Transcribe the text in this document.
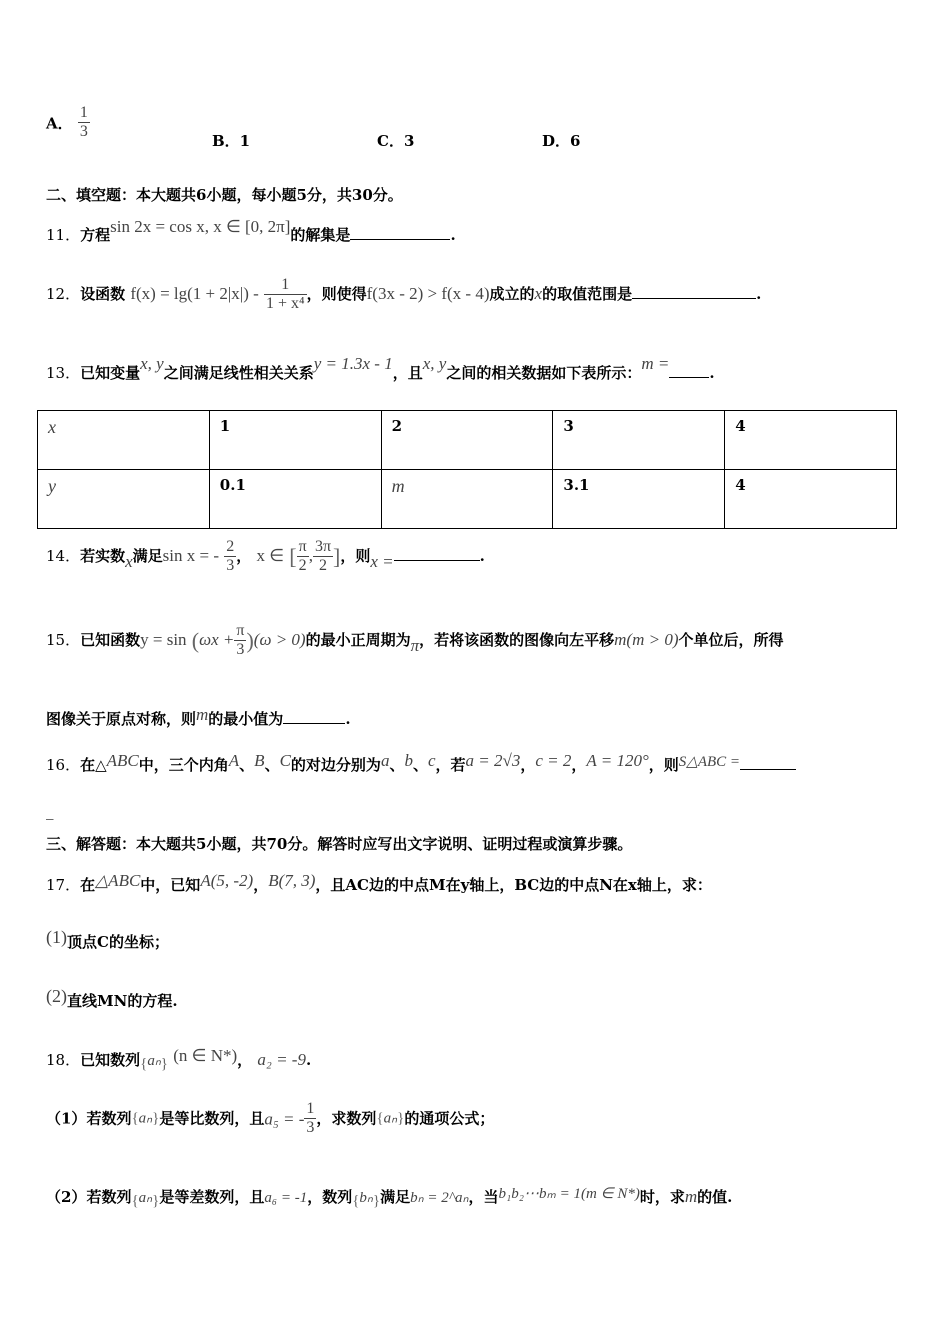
A． $\frac{1}{3}$	B．1	C．3	D．6
二、填空题：本大题共6小题，每小题5分，共30分。
11．方程sin 2x = cos x, x ∈ [0, 2π]的解集是	.
12．设函数 $f(x) = \lg(1 + 2|x|) - \frac{1}{\text{1 + x⁴}}$ ，则使得f(3x - 2) > f(x - 4)成立的x的取值范围是	.
13．已知变量x, y之间满足线性相关关系y = 1.3x - 1，且x, y之间的相关数据如下表所示：m =	.
x	1	2	3	4
y	0.1	m	3.1	4
14．若实数x满足sin x = - $\frac{2}{3}$ ， x ∈ [ $\frac{\pi}{2}$ , $\frac{3\pi}{2}$ ]，则x =	.
15．已知函数$y = \sin (\omega x + \frac{\pi}{3} )(\omega > 0)$的最小正周期为π，若将该函数的图像向左平移m(m > 0)个单位后，所得
图像关于原点对称，则m的最小值为	.
16．在△ABC中，三个内角A、B、C的对边分别为a、b、c，若a = 2√3，c = 2，A = 120°，则S△ABC =
_
三、解答题：本大题共5小题，共70分。解答时应写出文字说明、证明过程或演算步骤。
17．在△ABC中，已知A(5, -2)，B(7, 3)，且AC边的中点M在y轴上，BC边的中点N在x轴上，求：
(1)顶点C的坐标；
(2)直线MN的方程.
18．已知数列{aₙ} (n ∈ N*)， a₂ = -9.
（1）若数列{aₙ}是等比数列，且a₅ = - $\frac{1}{3}$ ，求数列{aₙ}的通项公式；
（2）若数列{aₙ}是等差数列，且a₆ = -1，数列{bₙ}满足bₙ = 2^aₙ，当b₁b₂⋯bₘ = 1(m ∈ N*)时，求m的值.
